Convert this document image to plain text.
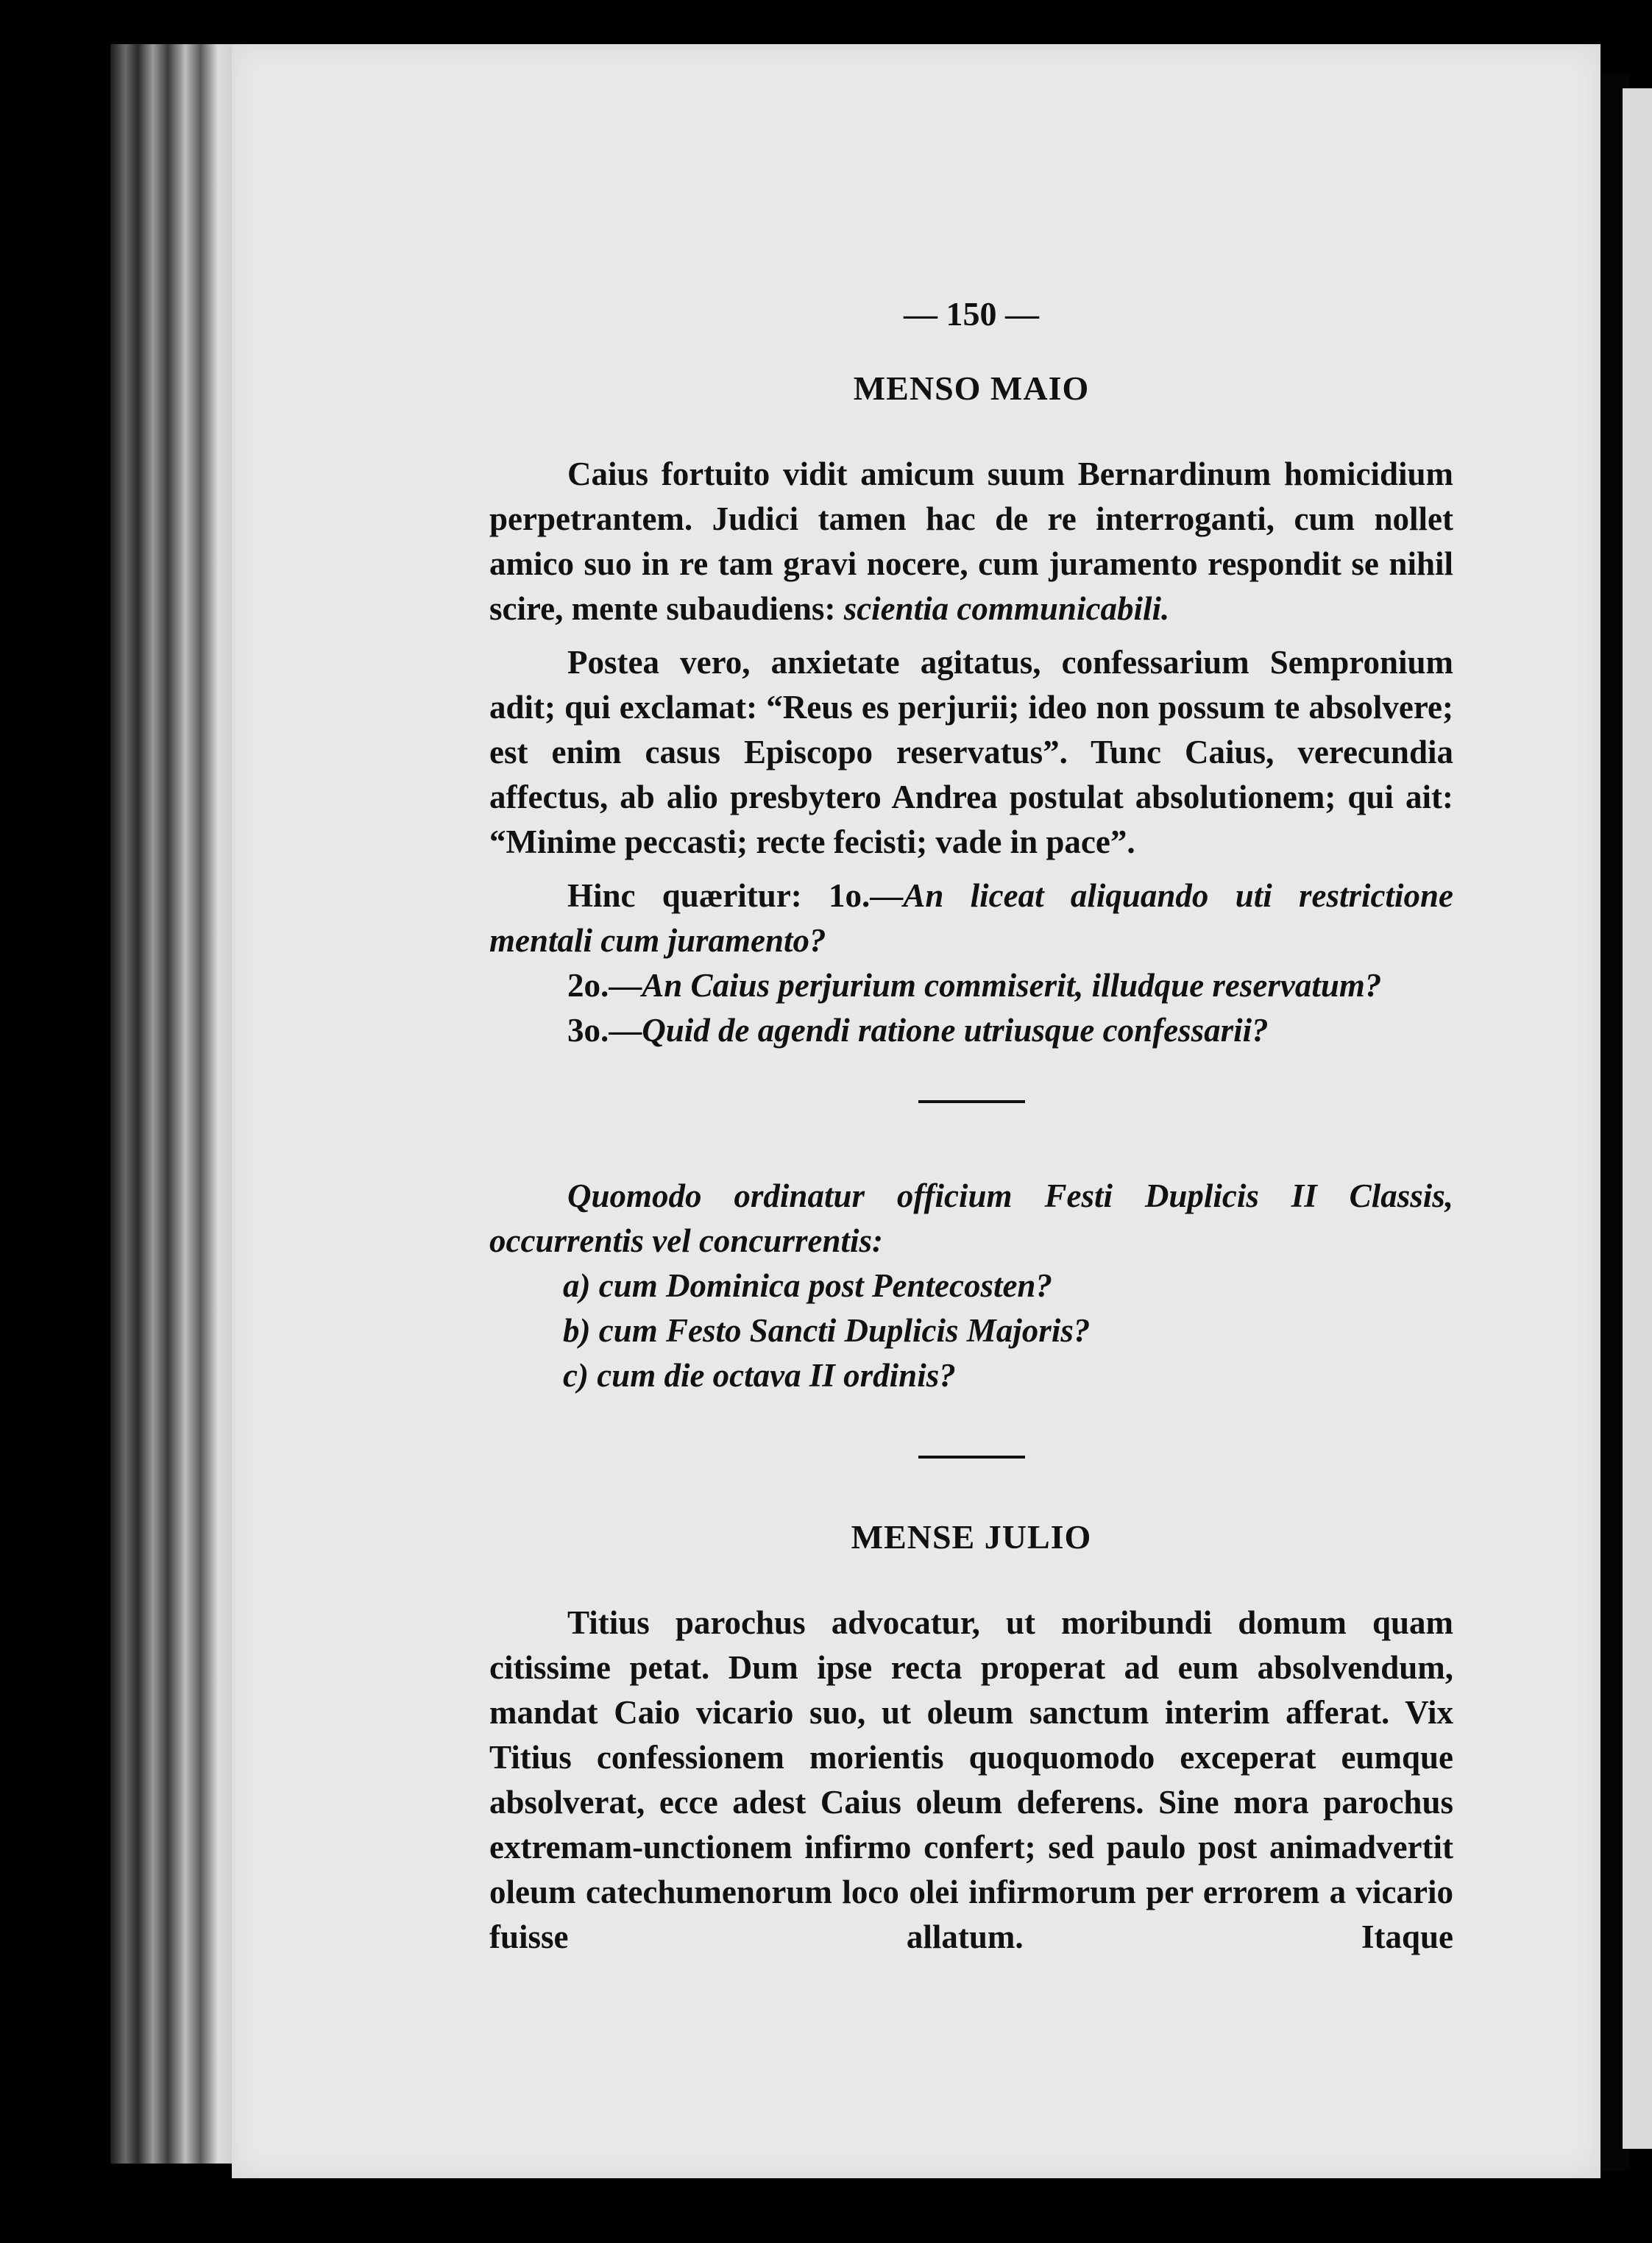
— 150 —
MENSO MAIO

Caius fortuito vidit amicum suum Bernardinum homicidium perpetrantem. Judici tamen hac de re interroganti, cum nollet amico suo in re tam gravi nocere, cum juramento respondit se nihil scire, mente subaudiens: scientia communicabili.

Postea vero, anxietate agitatus, confessarium Sempronium adit; qui exclamat: “Reus es perjurii; ideo non possum te absolvere; est enim casus Episcopo reservatus”. Tunc Caius, verecundia affectus, ab alio presbytero Andrea postulat absolutionem; qui ait: “Minime peccasti; recte fecisti; vade in pace”.

Hinc quæritur: 1o.—An liceat aliquando uti restrictione mentali cum juramento?

2o.—An Caius perjurium commiserit, illudque reservatum?

3o.—Quid de agendi ratione utriusque confessarii?

Quomodo ordinatur officium Festi Duplicis II Classis, occurrentis vel concurrentis:

a) cum Dominica post Pentecosten?

b) cum Festo Sancti Duplicis Majoris?

c) cum die octava II ordinis?

MENSE JULIO

Titius parochus advocatur, ut moribundi domum quam citissime petat. Dum ipse recta properat ad eum absolvendum, mandat Caio vicario suo, ut oleum sanctum interim afferat. Vix Titius confessionem morientis quoquomodo exceperat eumque absolverat, ecce adest Caius oleum deferens. Sine mora parochus extremam-unctionem infirmo confert; sed paulo post animadvertit oleum catechumenorum loco olei infirmorum per errorem a vicario fuisse allatum. Itaque
